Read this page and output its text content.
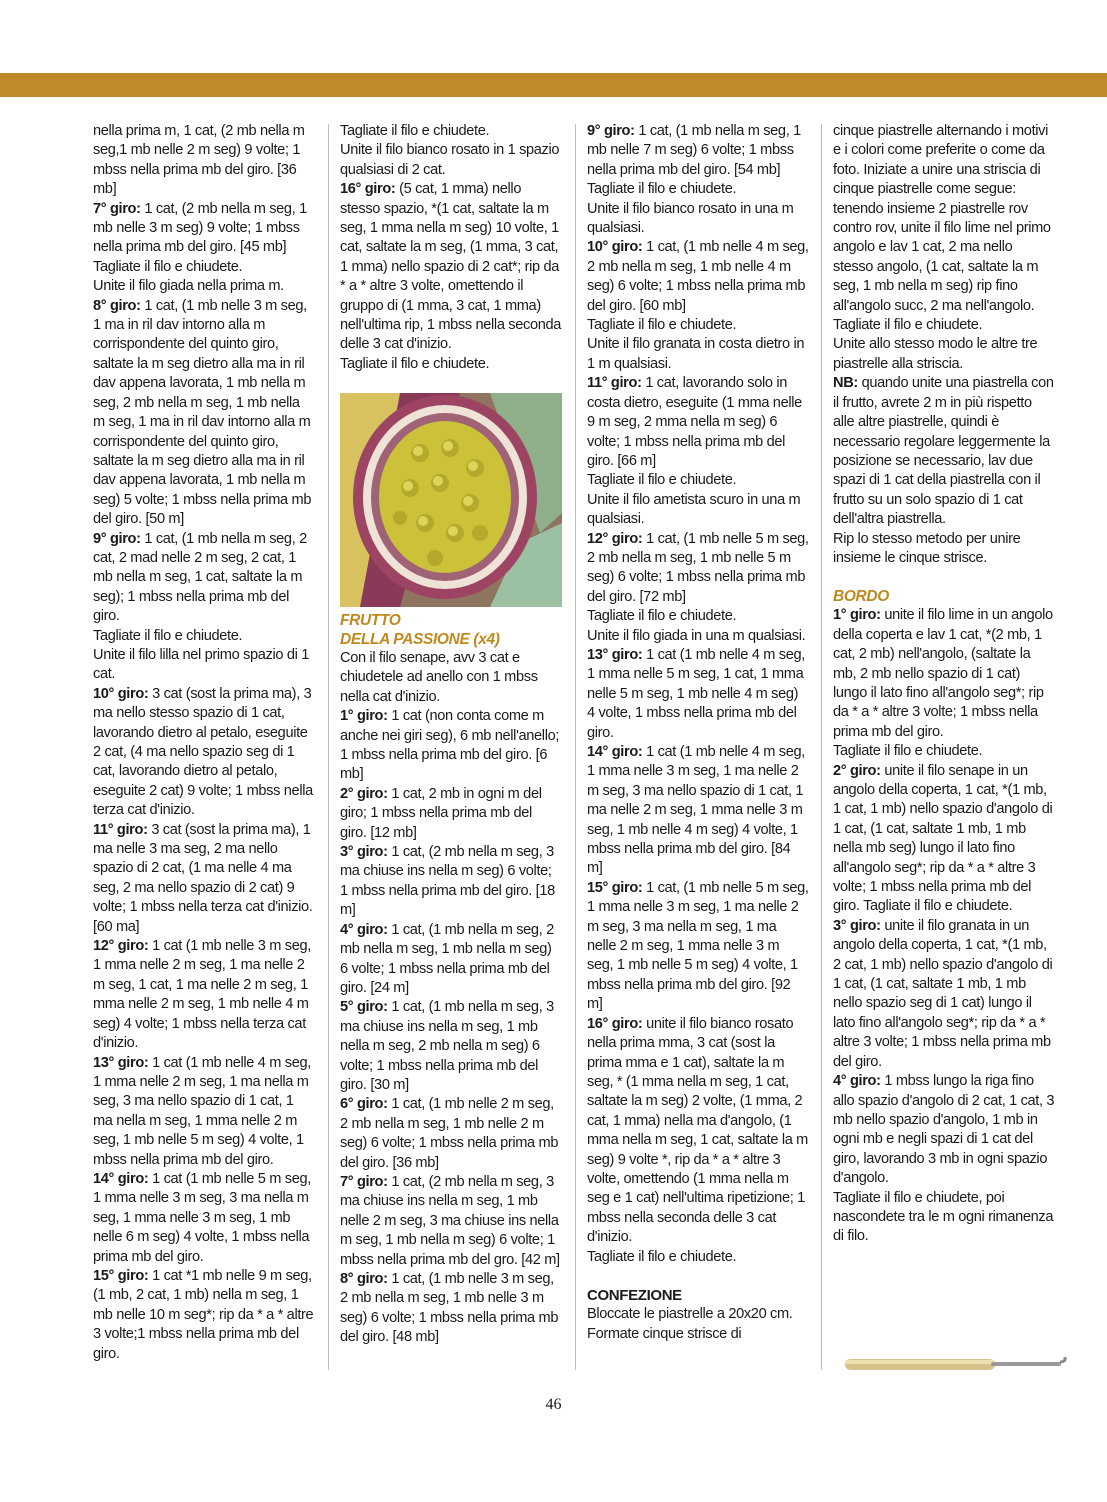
nella prima m, 1 cat, (2 mb nella m seg,1 mb nelle 2 m seg) 9 volte; 1 mbss nella prima mb del giro. [36 mb]

7° giro: 1 cat, (2 mb nella m seg, 1 mb nelle 3 m seg) 9 volte; 1 mbss nella prima mb del giro. [45 mb]

Tagliate il filo e chiudete.

Unite il filo giada nella prima m.

8° giro: 1 cat, (1 mb nelle 3 m seg, 1 ma in ril dav intorno alla m corrispondente del quinto giro, saltate la m seg dietro alla ma in ril dav appena lavorata, 1 mb nella m seg, 2 mb nella m seg, 1 mb nella m seg, 1 ma in ril dav intorno alla m corrispondente del quinto giro, saltate la m seg dietro alla ma in ril dav appena lavorata, 1 mb nella m seg) 5 volte; 1 mbss nella prima mb del giro. [50 m]

9° giro: 1 cat, (1 mb nella m seg, 2 cat, 2 mad nelle 2 m seg, 2 cat, 1 mb nella m seg, 1 cat, saltate la m seg); 1 mbss nella prima mb del giro.

Tagliate il filo e chiudete.

Unite il filo lilla nel primo spazio di 1 cat.

10° giro: 3 cat (sost la prima ma), 3 ma nello stesso spazio di 1 cat, lavorando dietro al petalo, eseguite 2 cat, (4 ma nello spazio seg di 1 cat, lavorando dietro al petalo, eseguite 2 cat) 9 volte; 1 mbss nella terza cat d'inizio.

11° giro: 3 cat (sost la prima ma), 1 ma nelle 3 ma seg, 2 ma nello spazio di 2 cat, (1 ma nelle 4 ma seg, 2 ma nello spazio di 2 cat) 9 volte; 1 mbss nella terza cat d'inizio. [60 ma]

12° giro: 1 cat (1 mb nelle 3 m seg, 1 mma nelle 2 m seg, 1 ma nelle 2 m seg, 1 cat, 1 ma nelle 2 m seg, 1 mma nelle 2 m seg, 1 mb nelle 4 m seg) 4 volte; 1 mbss nella terza cat d'inizio.

13° giro: 1 cat (1 mb nelle 4 m seg, 1 mma nelle 2 m seg, 1 ma nella m seg, 3 ma nello spazio di 1 cat, 1 ma nella m seg, 1 mma nelle 2 m seg, 1 mb nelle 5 m seg) 4 volte, 1 mbss nella prima mb del giro.

14° giro: 1 cat (1 mb nelle 5 m seg, 1 mma nelle 3 m seg, 3 ma nella m seg, 1 mma nelle 3 m seg, 1 mb nelle 6 m seg) 4 volte, 1 mbss nella prima mb del giro.

15° giro: 1 cat *1 mb nelle 9 m seg, (1 mb, 2 cat, 1 mb) nella m seg, 1 mb nelle 10 m seg*; rip da * a * altre 3 volte;1 mbss nella prima mb del giro.

Tagliate il filo e chiudete.

Unite il filo bianco rosato in 1 spazio qualsiasi di 2 cat.

16° giro: (5 cat, 1 mma) nello stesso spazio, *(1 cat, saltate la m seg, 1 mma nella m seg) 10 volte, 1 cat, saltate la m seg, (1 mma, 3 cat, 1 mma) nello spazio di 2 cat*; rip da * a * altre 3 volte, omettendo il gruppo di (1 mma, 3 cat, 1 mma) nell'ultima rip, 1 mbss nella seconda delle 3 cat d'inizio.

Tagliate il filo e chiudete.

FRUTTO

DELLA PASSIONE (x4)

Con il filo senape, avv 3 cat e chiudetele ad anello con 1 mbss nella cat d'inizio.

1° giro: 1 cat (non conta come m anche nei giri seg), 6 mb nell'anello; 1 mbss nella prima mb del giro. [6 mb]

2° giro: 1 cat, 2 mb in ogni m del giro; 1 mbss nella prima mb del giro. [12 mb]

3° giro: 1 cat, (2 mb nella m seg, 3 ma chiuse ins nella m seg) 6 volte; 1 mbss nella prima mb del giro. [18 m]

4° giro: 1 cat, (1 mb nella m seg, 2 mb nella m seg, 1 mb nella m seg) 6 volte; 1 mbss nella prima mb del giro. [24 m]

5° giro: 1 cat, (1 mb nella m seg, 3 ma chiuse ins nella m seg, 1 mb nella m seg, 2 mb nella m seg) 6 volte; 1 mbss nella prima mb del giro. [30 m]

6° giro: 1 cat, (1 mb nelle 2 m seg, 2 mb nella m seg, 1 mb nelle 2 m seg) 6 volte; 1 mbss nella prima mb del giro. [36 mb]

7° giro: 1 cat, (2 mb nella m seg, 3 ma chiuse ins nella m seg, 1 mb nelle 2 m seg, 3 ma chiuse ins nella m seg, 1 mb nella m seg) 6 volte; 1 mbss nella prima mb del gro. [42 m]

8° giro: 1 cat, (1 mb nelle 3 m seg, 2 mb nella m seg, 1 mb nelle 3 m seg) 6 volte; 1 mbss nella prima mb del giro. [48 mb]

9° giro: 1 cat, (1 mb nella m seg, 1 mb nelle 7 m seg) 6 volte; 1 mbss nella prima mb del giro. [54 mb]

Tagliate il filo e chiudete.

Unite il filo bianco rosato in una m qualsiasi.

10° giro: 1 cat, (1 mb nelle 4 m seg, 2 mb nella m seg, 1 mb nelle 4 m seg) 6 volte; 1 mbss nella prima mb del giro. [60 mb]

Tagliate il filo e chiudete.

Unite il filo granata in costa dietro in 1 m qualsiasi.

11° giro: 1 cat, lavorando solo in costa dietro, eseguite (1 mma nelle 9 m seg, 2 mma nella m seg) 6 volte; 1 mbss nella prima mb del giro. [66 m]

Tagliate il filo e chiudete.

Unite il filo ametista scuro in una m qualsiasi.

12° giro: 1 cat, (1 mb nelle 5 m seg, 2 mb nella m seg, 1 mb nelle 5 m seg) 6 volte; 1 mbss nella prima mb del giro. [72 mb]

Tagliate il filo e chiudete.

Unite il filo giada in una m qualsiasi.

13° giro: 1 cat (1 mb nelle 4 m seg, 1 mma nelle 5 m seg, 1 cat, 1 mma nelle 5 m seg, 1 mb nelle 4 m seg) 4 volte, 1 mbss nella prima mb del giro.

14° giro: 1 cat (1 mb nelle 4 m seg, 1 mma nelle 3 m seg, 1 ma nelle 2 m seg, 3 ma nello spazio di 1 cat, 1 ma nelle 2 m seg, 1 mma nelle 3 m seg, 1 mb nelle 4 m seg) 4 volte, 1 mbss nella prima mb del giro. [84 m]

15° giro: 1 cat, (1 mb nelle 5 m seg, 1 mma nelle 3 m seg, 1 ma nelle 2 m seg, 3 ma nella m seg, 1 ma nelle 2 m seg, 1 mma nelle 3 m seg, 1 mb nelle 5 m seg) 4 volte, 1 mbss nella prima mb del giro. [92 m]

16° giro: unite il filo bianco rosato nella prima mma, 3 cat (sost la prima mma e 1 cat), saltate la m seg, * (1 mma nella m seg, 1 cat, saltate la m seg) 2 volte, (1 mma, 2 cat, 1 mma) nella ma d'angolo, (1 mma nella m seg, 1 cat, saltate la m seg) 9 volte *, rip da * a * altre 3 volte, omettendo (1 mma nella m seg e 1 cat) nell'ultima ripetizione; 1 mbss nella seconda delle 3 cat d'inizio.

Tagliate il filo e chiudete.

CONFEZIONE

Bloccate le piastrelle a 20x20 cm. Formate cinque strisce di

cinque piastrelle alternando i motivi e i colori come preferite o come da foto. Iniziate a unire una striscia di cinque piastrelle come segue: tenendo insieme 2 piastrelle rov contro rov, unite il filo lime nel primo angolo e lav 1 cat, 2 ma nello stesso angolo, (1 cat, saltate la m seg, 1 mb nella m seg) rip fino all'angolo succ, 2 ma nell'angolo. Tagliate il filo e chiudete.

Unite allo stesso modo le altre tre piastrelle alla striscia.

NB: quando unite una piastrella con il frutto, avrete 2 m in più rispetto alle altre piastrelle, quindi è necessario regolare leggermente la posizione se necessario, lav due spazi di 1 cat della piastrella con il frutto su un solo spazio di 1 cat dell'altra piastrella.

Rip lo stesso metodo per unire insieme le cinque strisce.

BORDO

1° giro: unite il filo lime in un angolo della coperta e lav 1 cat, *(2 mb, 1 cat, 2 mb) nell'angolo, (saltate la mb, 2 mb nello spazio di 1 cat) lungo il lato fino all'angolo seg*; rip da * a * altre 3 volte; 1 mbss nella prima mb del giro.

Tagliate il filo e chiudete.

2° giro: unite il filo senape in un angolo della coperta, 1 cat, *(1 mb, 1 cat, 1 mb) nello spazio d'angolo di 1 cat, (1 cat, saltate 1 mb, 1 mb nella mb seg) lungo il lato fino all'angolo seg*; rip da * a * altre 3 volte; 1 mbss nella prima mb del giro. Tagliate il filo e chiudete.

3° giro: unite il filo granata in un angolo della coperta, 1 cat, *(1 mb, 2 cat, 1 mb) nello spazio d'angolo di 1 cat, (1 cat, saltate 1 mb, 1 mb nello spazio seg di 1 cat) lungo il lato fino all'angolo seg*; rip da * a * altre 3 volte; 1 mbss nella prima mb del giro.

4° giro: 1 mbss lungo la riga fino allo spazio d'angolo di 2 cat, 1 cat, 3 mb nello spazio d'angolo, 1 mb in ogni mb e negli spazi di 1 cat del giro, lavorando 3 mb in ogni spazio d'angolo.

Tagliate il filo e chiudete, poi nascondete tra le m ogni rimanenza di filo.

46
